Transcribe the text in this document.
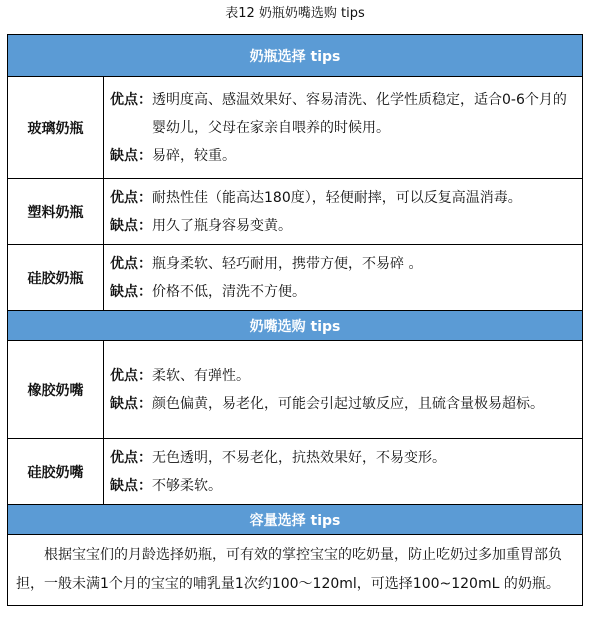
表12 奶瓶奶嘴选购 tips
奶瓶选择 tips	
玻璃奶瓶	优点： 透明度高、感温效果好、容易清洗、化学性质稳定，适合0-6个月的婴幼儿，父母在家亲自喂养的时候用。
缺点： 易碎，较重。

塑料奶瓶	优点： 耐热性佳（能高达180度），轻便耐摔，可以反复高温消毒。
缺点： 用久了瓶身容易变黄。

硅胶奶瓶	优点： 瓶身柔软、轻巧耐用，携带方便，不易碎 。
缺点： 价格不低，清洗不方便。

奶嘴选购 tips	
橡胶奶嘴	优点： 柔软、有弹性。
缺点： 颜色偏黄，易老化，可能会引起过敏反应，且硫含量极易超标。

硅胶奶嘴	优点： 无色透明，不易老化，抗热效果好，不易变形。
缺点： 不够柔软。

容量选择 tips	
根据宝宝们的月龄选择奶瓶，可有效的掌控宝宝的吃奶量，防止吃奶过多加重胃部负担，一般未满1个月的宝宝的哺乳量1次约100～120ml，可选择100~120mL 的奶瓶。	
